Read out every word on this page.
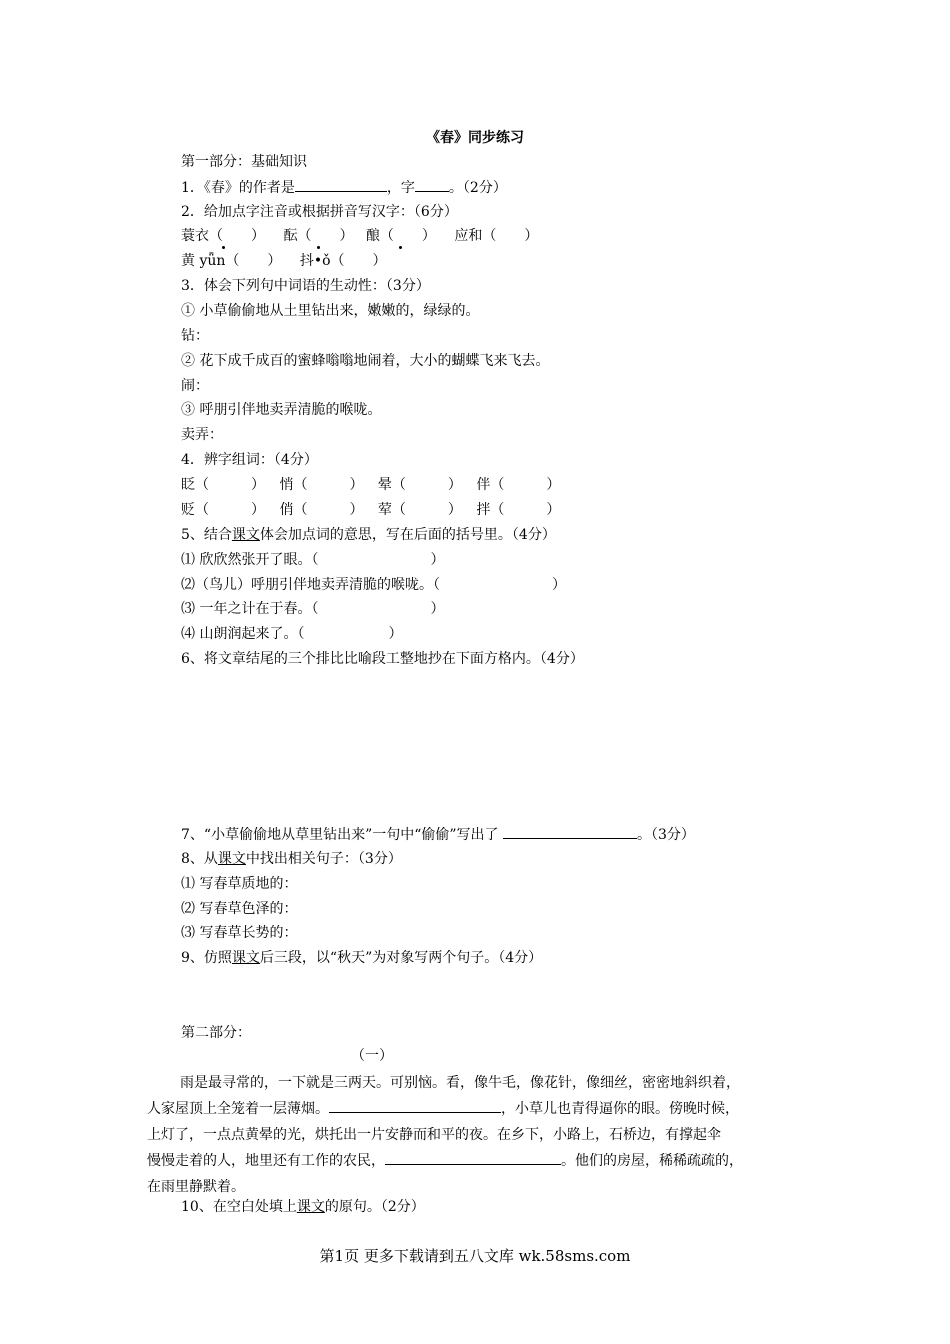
《春》同步练习
第一部分：基础知识
1．《春》的作者是	，字 。（2分）
2．给加点字注音或根据拼音写汉字：（6分）
蓑衣（　　） 酝（　　） 酿（　　） 应和（　　）
黄 yǖn（　　） 抖•ǒ（　　）
3．体会下列句中词语的生动性：（3分）
① 小草偷偷地从土里钻出来，嫩嫩的，绿绿的。
钻：
② 花下成千成百的蜜蜂嗡嗡地闹着，大小的蝴蝶飞来飞去。
闹：
③ 呼朋引伴地卖弄清脆的喉咙。
卖弄：
4．辨字组词：（4分）
眨（　　　） 悄（　　　） 晕（　　　） 伴（　　　）
贬（　　　） 俏（　　　） 荤（　　　） 拌（　　　）
5、结合课文体会加点词的意思，写在后面的括号里。（4分）
⑴ 欣欣然张开了眼。（　　　　　　　　）
⑵（鸟儿）呼朋引伴地卖弄清脆的喉咙。（　　　　　　　　）
⑶ 一年之计在于春。（　　　　　　　　）
⑷ 山朗润起来了。（　　　　　　）
6、将文章结尾的三个排比比喻段工整地抄在下面方格内。（4分）
7、“小草偷偷地从草里钻出来”一句中“偷偷”写出了	。（3分）
8、从课文中找出相关句子：（3分）
⑴ 写春草质地的：
⑵ 写春草色泽的：
⑶ 写春草长势的：
9、仿照课文后三段，以“秋天”为对象写两个句子。（4分）
第二部分：
（一）
雨是最寻常的，一下就是三两天。可别恼。看，像牛毛，像花针，像细丝，密密地斜织着，
人家屋顶上全笼着一层薄烟。	，小草儿也青得逼你的眼。傍晚时候，
上灯了，一点点黄晕的光，烘托出一片安静而和平的夜。在乡下，小路上，石桥边，有撑起伞
慢慢走着的人，地里还有工作的农民，	。他们的房屋，稀稀疏疏的，
在雨里静默着。
10、在空白处填上课文的原句。（2分）
第1页 更多下载请到五八文库 wk.58sms.com
